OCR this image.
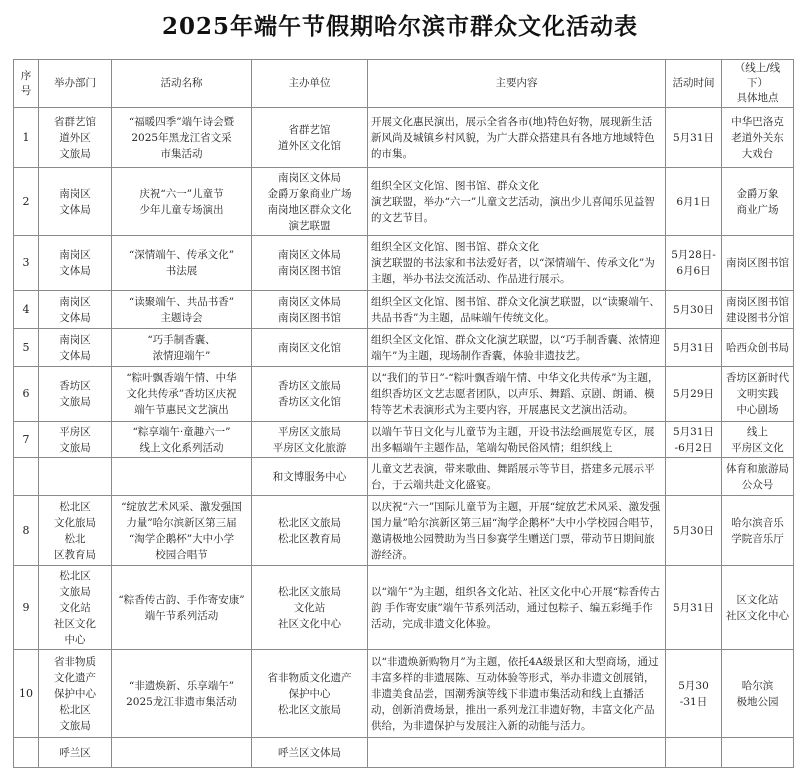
2025年端午节假期哈尔滨市群众文化活动表
序
号	举办部门	活动名称	主办单位	主要内容	活动时间	（线上/线下）
具体地点
1	省群艺馆
道外区
文旅局	“福暖四季”端午诗会暨
2025年黑龙江省文采
市集活动	省群艺馆
道外区文化馆	开展文化惠民演出，展示全省各市(地)特色好物，展现新生活新风尚及城镇乡村风貌，为广大群众搭建具有各地方地域特色的市集。	5月31日	中华巴洛克
老道外关东
大戏台
2	南岗区
文体局	庆祝“六一”儿童节
少年儿童专场演出	南岗区文体局
金爵万象商业广场
南岗地区群众文化
演艺联盟	组织全区文化馆、图书馆、群众文化
演艺联盟，举办“六一”儿童文艺活动，演出少儿喜闻乐见益智的文艺节目。	6月1日	金爵万象
商业广场
3	南岗区
文体局	“深情端午、传承文化”
书法展	南岗区文体局
南岗区图书馆	组织全区文化馆、图书馆、群众文化
演艺联盟的书法家和书法爱好者，以“深情端午、传承文化”为主题，举办书法交流活动、作品进行展示。	5月28日-
6月6日	南岗区图书馆
4	南岗区
文体局	“读聚端午、共品书香”
主题诗会	南岗区文体局
南岗区图书馆	组织全区文化馆、图书馆、群众文化演艺联盟，以“读聚端午、共品书香”为主题，品味端午传统文化。	5月30日	南岗区图书馆
建设图书分馆
5	南岗区
文体局	“巧手制香囊、
浓情迎端午”	南岗区文化馆	组织全区文化馆、群众文化演艺联盟，以“巧手制香囊、浓情迎端午”为主题，现场制作香囊，体验非遗技艺。	5月31日	哈西众创书局
6	香坊区
文旅局	“粽叶飘香端午情、中华
文化共传承”香坊区庆祝
端午节惠民文艺演出	香坊区文旅局
香坊区文化馆	以“我们的节日”-“粽叶飘香端午情、中华文化共传承”为主题，组织香坊区文艺志愿者团队，以声乐、舞蹈、京剧、朗诵、模特等艺术表演形式为主要内容，开展惠民文艺演出活动。	5月29日	香坊区新时代
文明实践
中心剧场
7	平房区
文旅局	“粽享端午·童趣六一”
线上文化系列活动	平房区文旅局
平房区文化旅游	以端午节日文化与儿童节为主题，开设书法绘画展览专区，展出多幅端午主题作品，笔端勾勒民俗风情；组织线上	5月31日
-6月2日	线上
平房区文化
			和文博服务中心	儿童文艺表演，带来歌曲、舞蹈展示等节目，搭建多元展示平台，于云端共赴文化盛宴。		体育和旅游局
公众号
8	松北区
文化旅局
松北
区教育局	“绽放艺术风采、激发强国
力量”哈尔滨新区第三届
“淘学企鹅杯”大中小学
校园合唱节	松北区文旅局
松北区教育局	以庆祝“六一”国际儿童节为主题，开展“绽放艺术风采、激发强国力量”哈尔滨新区第三届“淘学企鹅杯”大中小学校园合唱节，邀请极地公园赞助为当日参赛学生赠送门票，带动节日期间旅游经济。	5月30日	哈尔滨音乐
学院音乐厅
9	松北区
文旅局
文化站
社区文化
中心	“粽香传古韵、手作寄安康”
端午节系列活动	松北区文旅局
文化站
社区文化中心	以“端午”为主题，组织各文化站、社区文化中心开展“粽香传古韵 手作寄安康”端午节系列活动，通过包粽子、编五彩绳手作活动，完成非遗文化体验。	5月31日	区文化站
社区文化中心
10	省非物质
文化遗产
保护中心
松北区
文旅局	“非遗焕新、乐享端午”
2025龙江非遗市集活动	省非物质文化遗产
保护中心
松北区文旅局	以“非遗焕新购物月”为主题，依托4A级景区和大型商场，通过丰富多样的非遗展陈、互动体验等形式，举办非遗文创展销，非遗美食品尝，国潮秀演等线下非遗市集活动和线上直播活动，创新消费场景，推出一系列龙江非遗好物，丰富文化产品供给，为非遗保护与发展注入新的动能与活力。	5月30
-31日	哈尔滨
极地公园
	呼兰区		呼兰区文体局			
